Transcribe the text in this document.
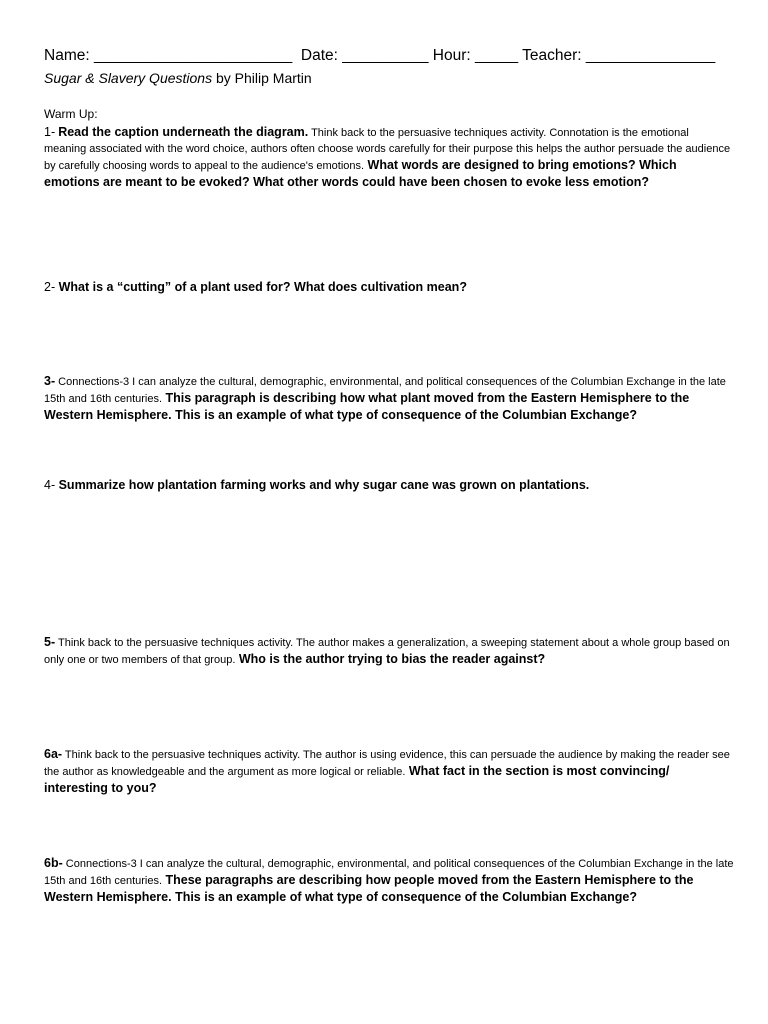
Name: _______________________ Date: __________ Hour: _____ Teacher: _______________
Sugar & Slavery Questions by Philip Martin
Warm Up:
1- Read the caption underneath the diagram. Think back to the persuasive techniques activity. Connotation is the emotional meaning associated with the word choice, authors often choose words carefully for their purpose this helps the author persuade the audience by carefully choosing words to appeal to the audience's emotions. What words are designed to bring emotions? Which emotions are meant to be evoked? What other words could have been chosen to evoke less emotion?
2- What is a “cutting” of a plant used for? What does cultivation mean?
3- Connections-3 I can analyze the cultural, demographic, environmental, and political consequences of the Columbian Exchange in the late 15th and 16th centuries. This paragraph is describing how what plant moved from the Eastern Hemisphere to the Western Hemisphere. This is an example of what type of consequence of the Columbian Exchange?
4- Summarize how plantation farming works and why sugar cane was grown on plantations.
5- Think back to the persuasive techniques activity. The author makes a generalization, a sweeping statement about a whole group based on only one or two members of that group. Who is the author trying to bias the reader against?
6a- Think back to the persuasive techniques activity. The author is using evidence, this can persuade the audience by making the reader see the author as knowledgeable and the argument as more logical or reliable. What fact in the section is most convincing/ interesting to you?
6b- Connections-3 I can analyze the cultural, demographic, environmental, and political consequences of the Columbian Exchange in the late 15th and 16th centuries. These paragraphs are describing how people moved from the Eastern Hemisphere to the Western Hemisphere. This is an example of what type of consequence of the Columbian Exchange?
